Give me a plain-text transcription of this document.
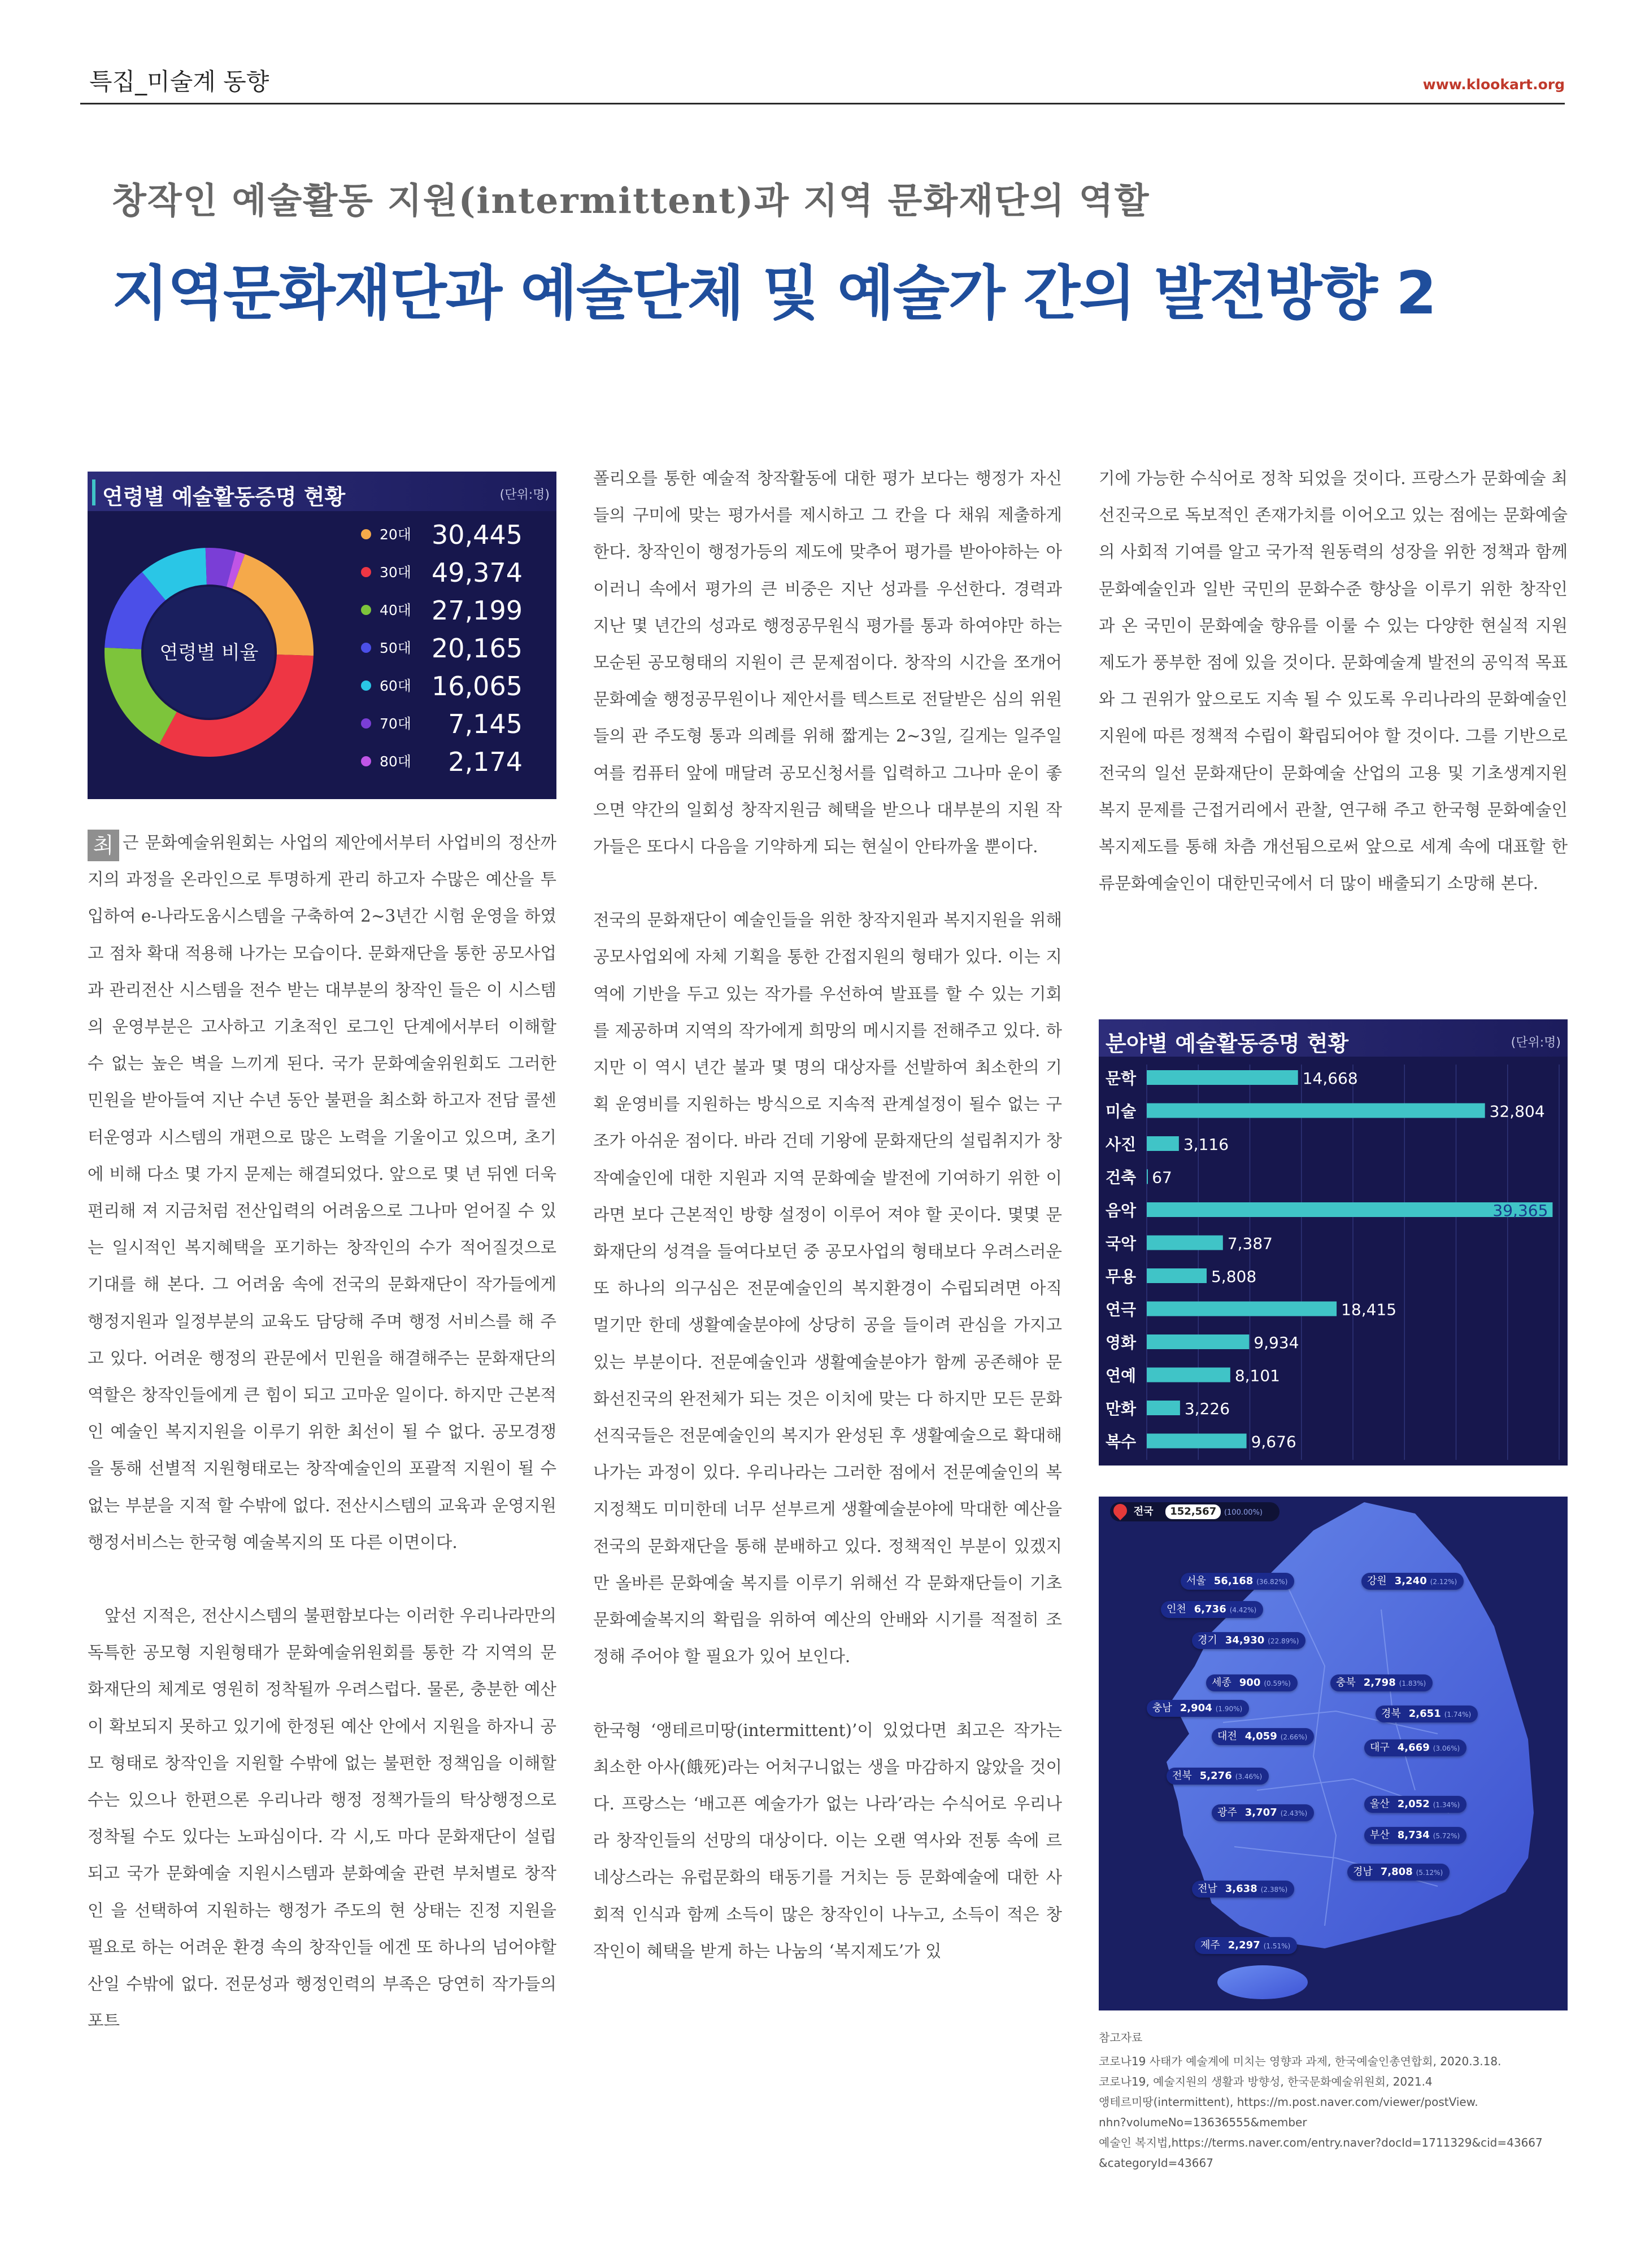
특집_미술계 동향	www.klookart.org
창작인 예술활동 지원(intermittent)과 지역 문화재단의 역할
지역문화재단과 예술단체 및 예술가 간의 발전방향 2
연령별 예술활동증명 현황	(단위:명)
연령별 비율
20대 30,445
30대 49,374
40대 27,199
50대 20,165
60대 16,065
70대 7,145
80대 2,174
분야별 예술활동증명 현황	(단위:명)
문학	14,668
미술	32,804
사진	3,116
건축 67
음악	39,365
국악	7,387
무용	5,808
연극	18,415
영화	9,934
연예	8,101
만화	3,226
복수	9,676
전국 152,567 (100.00%)
서울 56,168 (36.82%)	강원 3,240 (2.12%)
인천 6,736 (4.42%)
경기 34,930 (22.89%)
세종 900 (0.59%)	충북 2,798 (1.83%)
충남 2,904 (1.90%)	경북 2,651 (1.74%)
대전 4,059 (2.66%)
대구 4,669 (3.06%)
전북 5,276 (3.46%)
울산 2,052 (1.34%)
광주 3,707 (2.43%)
부산 8,734 (5.72%)
경남 7,808 (5.12%)
전남 3,638 (2.38%)
제주 2,297 (1.51%)

최 근 문화예술위원회는 사업의 제안에서부터 사업비의 정산까지의 과정을 온라인으로 투명하게 관리 하고자 수많은 예산을 투입하여 e-나라도움시스템을 구축하여 2~3년간 시험 운영을 하였고 점차 확대 적용해 나가는 모습이다. 문화재단을 통한 공모사업과 관리전산 시스템을 전수 받는 대부분의 창작인 들은 이 시스템의 운영부분은 고사하고 기초적인 로그인 단계에서부터 이해할 수 없는 높은 벽을 느끼게 된다. 국가 문화예술위원회도 그러한 민원을 받아들여 지난 수년 동안 불편을 최소화 하고자 전담 콜센터운영과 시스템의 개편으로 많은 노력을 기울이고 있으며, 초기에 비해 다소 몇 가지 문제는 해결되었다. 앞으로 몇 년 뒤엔 더욱 편리해 져 지금처럼 전산입력의 어려움으로 그나마 얻어질 수 있는 일시적인 복지혜택을 포기하는 창작인의 수가 적어질것으로 기대를 해 본다. 그 어려움 속에 전국의 문화재단이 작가들에게 행정지원과 일정부분의 교육도 담당해 주며 행정 서비스를 해 주고 있다. 어려운 행정의 관문에서 민원을 해결해주는 문화재단의 역할은 창작인들에게 큰 힘이 되고 고마운 일이다. 하지만 근본적인 예술인 복지지원을 이루기 위한 최선이 될 수 없다. 공모경쟁을 통해 선별적 지원형태로는 창작예술인의 포괄적 지원이 될 수 없는 부분을 지적 할 수밖에 없다. 전산시스템의 교육과 운영지원 행정서비스는 한국형 예술복지의 또 다른 이면이다.

앞선 지적은, 전산시스템의 불편함보다는 이러한 우리나라만의 독특한 공모형 지원형태가 문화예술위원회를 통한 각 지역의 문화재단의 체계로 영원히 정착될까 우려스럽다. 물론, 충분한 예산이 확보되지 못하고 있기에 한정된 예산 안에서 지원을 하자니 공모 형태로 창작인을 지원할 수밖에 없는 불편한 정책임을 이해할 수는 있으나 한편으론 우리나라 행정 정책가들의 탁상행정으로 정착될 수도 있다는 노파심이다. 각 시,도 마다 문화재단이 설립되고 국가 문화예술 지원시스템과 분화예술 관련 부처별로 창작인 을 선택하여 지원하는 행정가 주도의 현 상태는 진정 지원을 필요로 하는 어려운 환경 속의 창작인들 에겐 또 하나의 넘어야할 산일 수밖에 없다. 전문성과 행정인력의 부족은 당연히 작가들의 포트

폴리오를 통한 예술적 창작활동에 대한 평가 보다는 행정가 자신들의 구미에 맞는 평가서를 제시하고 그 칸을 다 채워 제출하게 한다. 창작인이 행정가등의 제도에 맞추어 평가를 받아야하는 아이러니 속에서 평가의 큰 비중은 지난 성과를 우선한다. 경력과 지난 몇 년간의 성과로 행정공무원식 평가를 통과 하여야만 하는 모순된 공모형태의 지원이 큰 문제점이다. 창작의 시간을 쪼개어 문화예술 행정공무원이나 제안서를 텍스트로 전달받은 심의 위원들의 관 주도형 통과 의례를 위해 짧게는 2~3일, 길게는 일주일여를 컴퓨터 앞에 매달려 공모신청서를 입력하고 그나마 운이 좋으면 약간의 일회성 창작지원금 혜택을 받으나 대부분의 지원 작가들은 또다시 다음을 기약하게 되는 현실이 안타까울 뿐이다.

전국의 문화재단이 예술인들을 위한 창작지원과 복지지원을 위해 공모사업외에 자체 기획을 통한 간접지원의 형태가 있다. 이는 지역에 기반을 두고 있는 작가를 우선하여 발표를 할 수 있는 기회를 제공하며 지역의 작가에게 희망의 메시지를 전해주고 있다. 하지만 이 역시 년간 불과 몇 명의 대상자를 선발하여 최소한의 기획 운영비를 지원하는 방식으로 지속적 관계설정이 될수 없는 구조가 아쉬운 점이다. 바라 건데 기왕에 문화재단의 설립취지가 창작예술인에 대한 지원과 지역 문화예술 발전에 기여하기 위한 이라면 보다 근본적인 방향 설정이 이루어 져야 할 곳이다. 몇몇 문화재단의 성격을 들여다보던 중 공모사업의 형태보다 우려스러운 또 하나의 의구심은 전문예술인의 복지환경이 수립되려면 아직 멀기만 한데 생활예술분야에 상당히 공을 들이려 관심을 가지고 있는 부분이다. 전문예술인과 생활예술분야가 함께 공존해야 문화선진국의 완전체가 되는 것은 이치에 맞는 다 하지만 모든 문화 선직국들은 전문예술인의 복지가 완성된 후 생활예술으로 확대해 나가는 과정이 있다. 우리나라는 그러한 점에서 전문예술인의 복지정책도 미미한데 너무 섣부르게 생활예술분야에 막대한 예산을 전국의 문화재단을 통해 분배하고 있다. 정책적인 부분이 있겠지만 올바른 문화예술 복지를 이루기 위해선 각 문화재단들이 기초 문화예술복지의 확립을 위하여 예산의 안배와 시기를 적절히 조정해 주어야 할 필요가 있어 보인다.

한국형 ‘앵테르미땅(intermittent)’이 있었다면 최고은 작가는 최소한 아사(餓死)라는 어처구니없는 생을 마감하지 않았을 것이다. 프랑스는 ‘배고픈 예술가가 없는 나라’라는 수식어로 우리나라 창작인들의 선망의 대상이다. 이는 오랜 역사와 전통 속에 르네상스라는 유럽문화의 태동기를 거치는 등 문화예술에 대한 사회적 인식과 함께 소득이 많은 창작인이 나누고, 소득이 적은 창작인이 혜택을 받게 하는 나눔의 ‘복지제도’가 있

기에 가능한 수식어로 정착 되었을 것이다. 프랑스가 문화예술 최 선진국으로 독보적인 존재가치를 이어오고 있는 점에는 문화예술의 사회적 기여를 알고 국가적 원동력의 성장을 위한 정책과 함께 문화예술인과 일반 국민의 문화수준 향상을 이루기 위한 창작인과 온 국민이 문화예술 향유를 이룰 수 있는 다양한 현실적 지원 제도가 풍부한 점에 있을 것이다. 문화예술계 발전의 공익적 목표와 그 권위가 앞으로도 지속 될 수 있도록 우리나라의 문화예술인 지원에 따른 정책적 수립이 확립되어야 할 것이다. 그를 기반으로 전국의 일선 문화재단이 문화예술 산업의 고용 및 기초생계지원 복지 문제를 근접거리에서 관찰, 연구해 주고 한국형 문화예술인 복지제도를 통해 차츰 개선됨으로써 앞으로 세계 속에 대표할 한류문화예술인이 대한민국에서 더 많이 배출되기 소망해 본다.

참고자료
코로나19 사태가 예술계에 미치는 영향과 과제, 한국예술인총연합회, 2020.3.18.
코로나19, 예술지원의 생활과 방향성, 한국문화예술위원회, 2021.4
앵테르미땅(intermittent), https://m.post.naver.com/viewer/postView.
nhn?volumeNo=13636555&member
예술인 복지법,https://terms.naver.com/entry.naver?docId=1711329&cid=43667
&categoryId=43667
